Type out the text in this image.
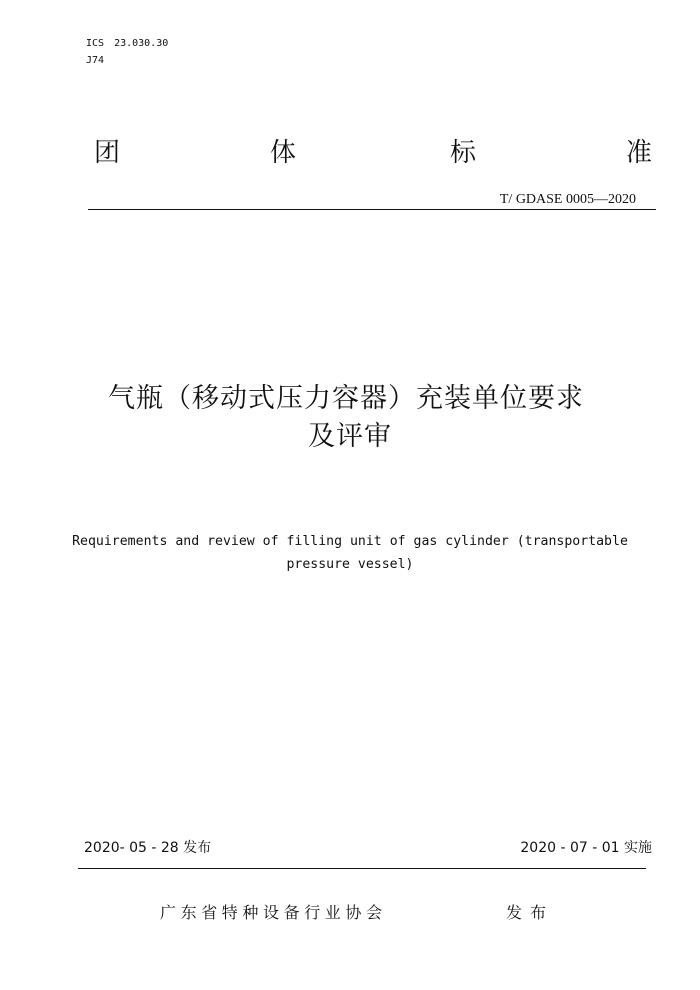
ICS 23.030.30
J74
团	体	标	准
T/ GDASE 0005—2020
气瓶（移动式压力容器）充装单位要求
及评审
Requirements and review of filling unit of gas cylinder (transportable
pressure vessel)
2020- 05 - 28 发布	2020 - 07 - 01 实施
广东省特种设备行业协会	发布
